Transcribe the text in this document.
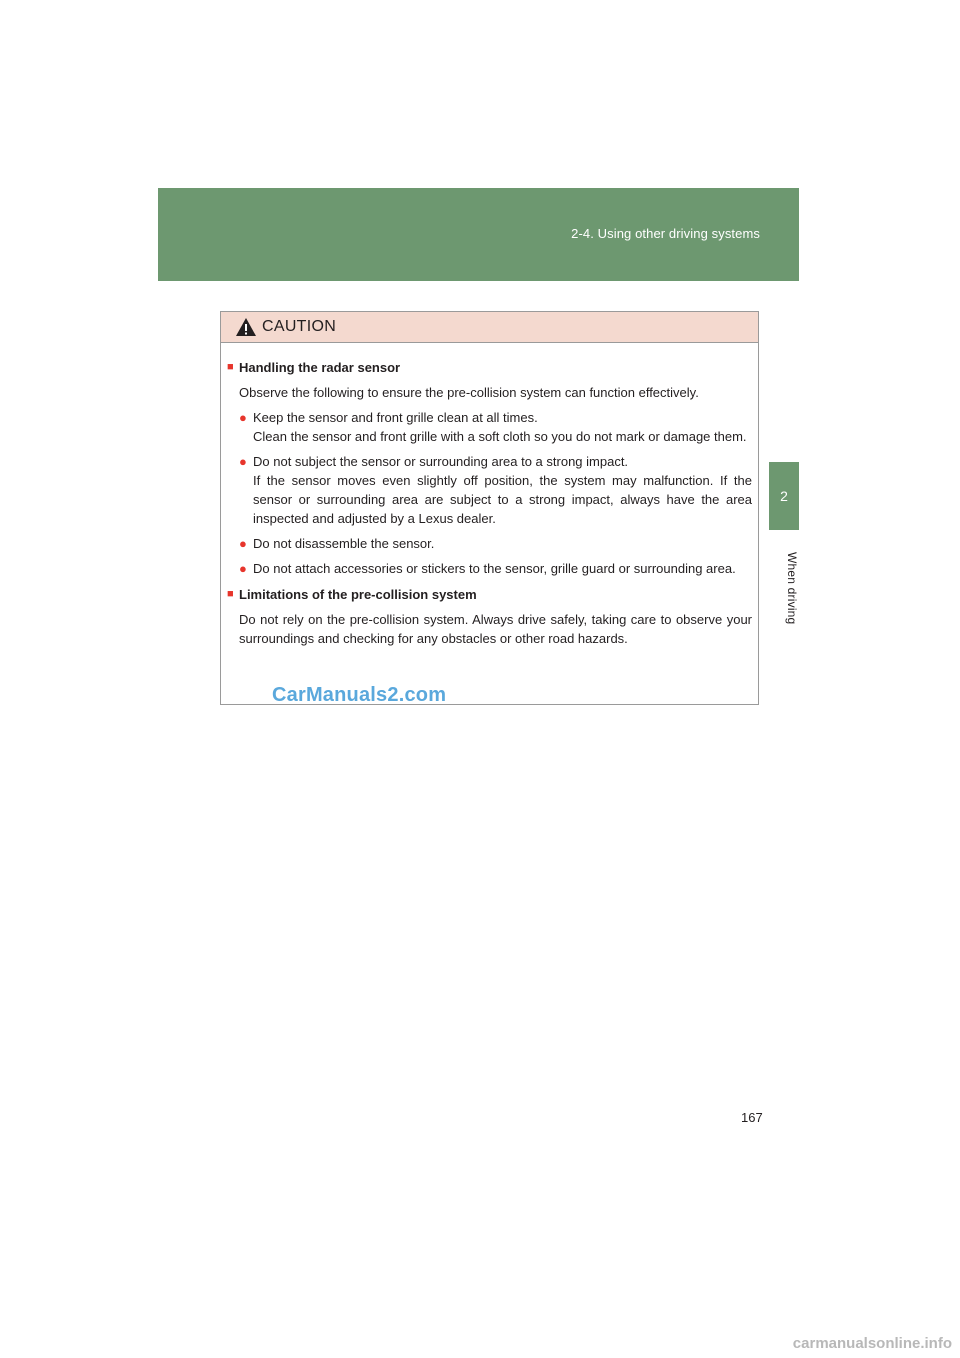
2-4. Using other driving systems
2
When driving
CAUTION
■ Handling the radar sensor
Observe the following to ensure the pre-collision system can function effectively.
● Keep the sensor and front grille clean at all times.
Clean the sensor and front grille with a soft cloth so you do not mark or damage them.
● Do not subject the sensor or surrounding area to a strong impact.
If the sensor moves even slightly off position, the system may malfunction. If the sensor or surrounding area are subject to a strong impact, always have the area inspected and adjusted by a Lexus dealer.
● Do not disassemble the sensor.
● Do not attach accessories or stickers to the sensor, grille guard or surrounding area.
■ Limitations of the pre-collision system
Do not rely on the pre-collision system. Always drive safely, taking care to observe your surroundings and checking for any obstacles or other road hazards.
CarManuals2.com
167
carmanualsonline.info
